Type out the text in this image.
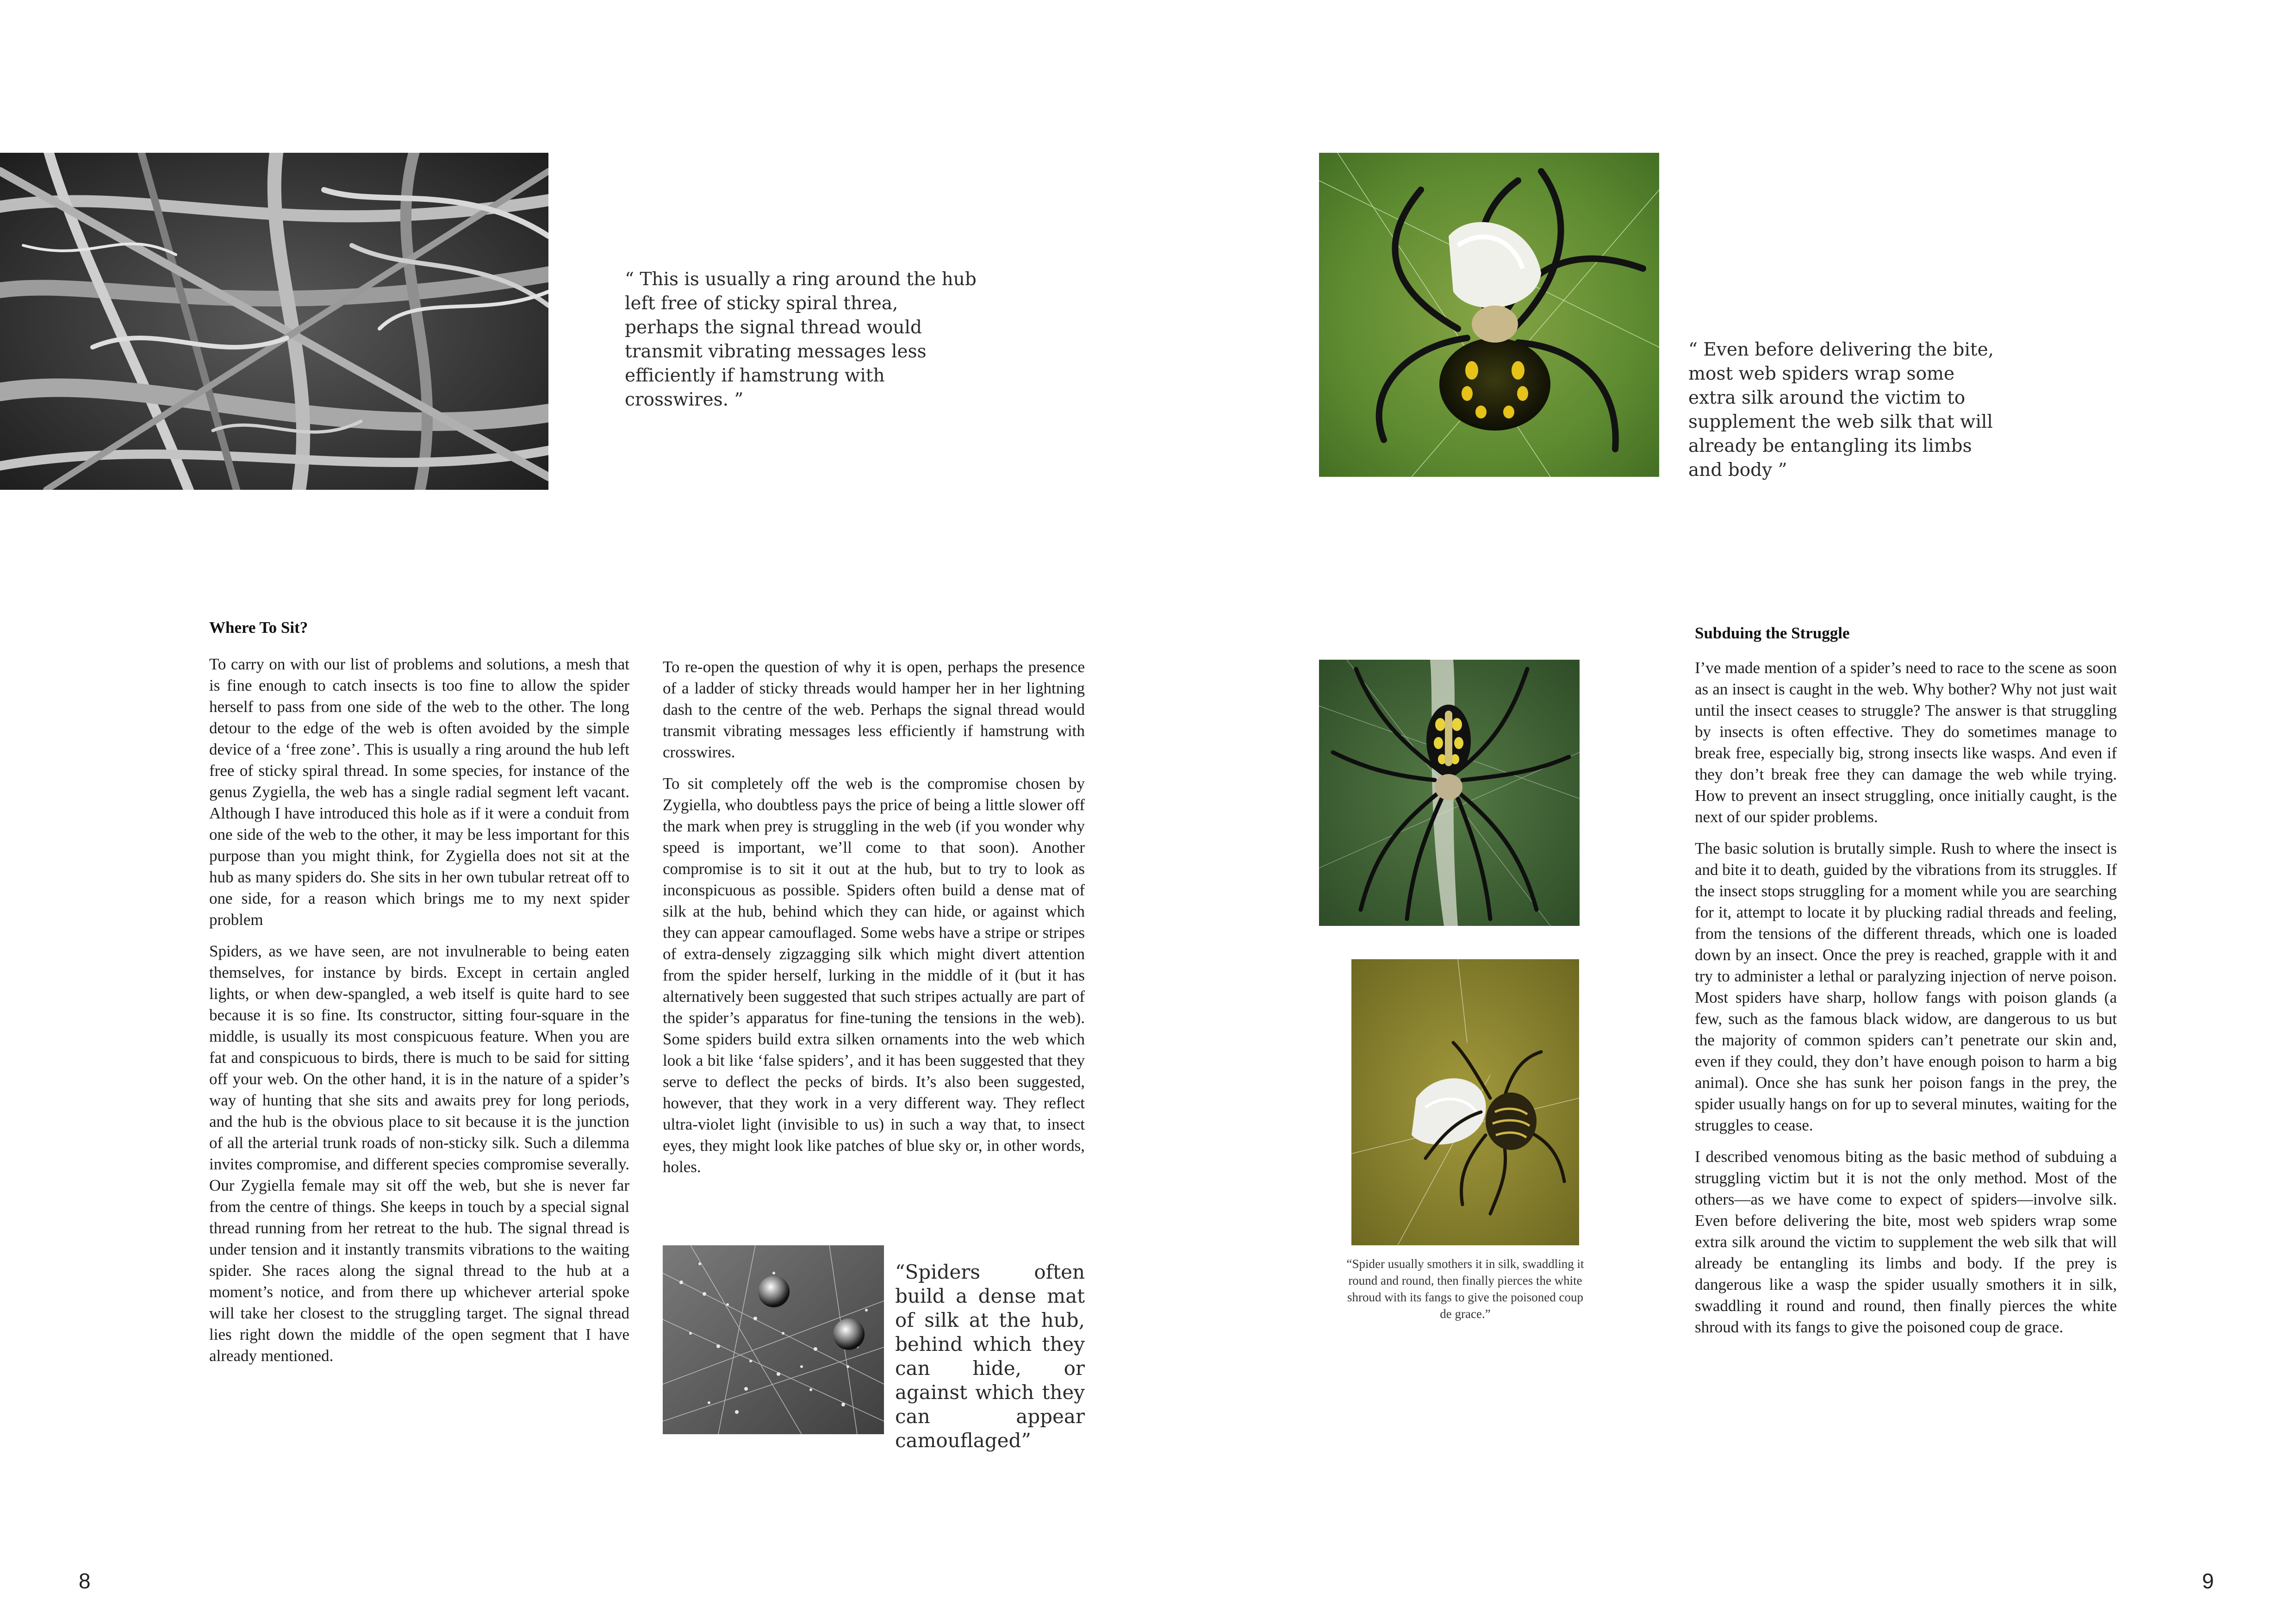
“ This is usually a ring around the hub left free of sticky spiral threa, perhaps the signal thread would transmit vibrating messages less efficiently if hamstrung with crosswires. ”
Where To Sit?

To carry on with our list of problems and solutions, a mesh that is fine enough to catch insects is too fine to allow the spider herself to pass from one side of the web to the other. The long detour to the edge of the web is often avoided by the simple device of a ‘free zone’. This is usually a ring around the hub left free of sticky spiral thread. In some species, for instance of the genus Zygiella, the web has a single radial segment left vacant. Although I have introduced this hole as if it were a conduit from one side of the web to the other, it may be less important for this purpose than you might think, for Zygiella does not sit at the hub as many spiders do. She sits in her own tubular retreat off to one side, for a reason which brings me to my next spider problem

Spiders, as we have seen, are not invulnerable to being eaten themselves, for instance by birds. Except in certain angled lights, or when dew-spangled, a web itself is quite hard to see because it is so fine. Its constructor, sitting four-square in the middle, is usually its most conspicuous feature. When you are fat and conspicuous to birds, there is much to be said for sitting off your web. On the other hand, it is in the nature of a spider’s way of hunting that she sits and awaits prey for long periods, and the hub is the obvious place to sit because it is the junction of all the arterial trunk roads of non-sticky silk. Such a dilemma invites compromise, and different species compromise severally. Our Zygiella female may sit off the web, but she is never far from the centre of things. She keeps in touch by a special signal thread running from her retreat to the hub. The signal thread is under tension and it instantly transmits vibrations to the waiting spider. She races along the signal thread to the hub at a moment’s notice, and from there up whichever arterial spoke will take her closest to the struggling target. The signal thread lies right down the middle of the open segment that I have already mentioned.

To re-open the question of why it is open, perhaps the presence of a ladder of sticky threads would hamper her in her lightning dash to the centre of the web. Perhaps the signal thread would transmit vibrating messages less efficiently if hamstrung with crosswires.

To sit completely off the web is the compromise chosen by Zygiella, who doubtless pays the price of being a little slower off the mark when prey is struggling in the web (if you wonder why speed is important, we’ll come to that soon). Another compromise is to sit it out at the hub, but to try to look as inconspicuous as possible. Spiders often build a dense mat of silk at the hub, behind which they can hide, or against which they can appear camouflaged. Some webs have a stripe or stripes of extra-densely zigzagging silk which might divert attention from the spider herself, lurking in the middle of it (but it has alternatively been suggested that such stripes actually are part of the spider’s apparatus for fine-tuning the tensions in the web). Some spiders build extra silken ornaments into the web which look a bit like ‘false spiders’, and it has been suggested that they serve to deflect the pecks of birds. It’s also been suggested, however, that they work in a very different way. They reflect ultra-violet light (invisible to us) in such a way that, to insect eyes, they might look like patches of blue sky or, in other words, holes.

“Spiders often build a dense mat of silk at the hub, behind which they can hide, or against which they can appear camouflaged”
8
“ Even before delivering the bite, most web spiders wrap some extra silk around the victim to supplement the web silk that will already be entangling its limbs and body ”
“Spider usually smothers it in silk, swaddling it round and round, then finally pierces the white shroud with its fangs to give the poisoned coup de grace.”
Subduing the Struggle

I’ve made mention of a spider’s need to race to the scene as soon as an insect is caught in the web. Why bother? Why not just wait until the insect ceases to struggle? The answer is that struggling by insects is often effective. They do sometimes manage to break free, especially big, strong insects like wasps. And even if they don’t break free they can damage the web while trying. How to prevent an insect struggling, once initially caught, is the next of our spider problems.

The basic solution is brutally simple. Rush to where the insect is and bite it to death, guided by the vibrations from its struggles. If the insect stops struggling for a moment while you are searching for it, attempt to locate it by plucking radial threads and feeling, from the tensions of the different threads, which one is loaded down by an insect. Once the prey is reached, grapple with it and try to administer a lethal or paralyzing injection of nerve poison. Most spiders have sharp, hollow fangs with poison glands (a few, such as the famous black widow, are dangerous to us but the majority of common spiders can’t penetrate our skin and, even if they could, they don’t have enough poison to harm a big animal). Once she has sunk her poison fangs in the prey, the spider usually hangs on for up to several minutes, waiting for the struggles to cease.

I described venomous biting as the basic method of subduing a struggling victim but it is not the only method. Most of the others—as we have come to expect of spiders—involve silk. Even before delivering the bite, most web spiders wrap some extra silk around the victim to supplement the web silk that will already be entangling its limbs and body. If the prey is dangerous like a wasp the spider usually smothers it in silk, swaddling it round and round, then finally pierces the white shroud with its fangs to give the poisoned coup de grace.

9
